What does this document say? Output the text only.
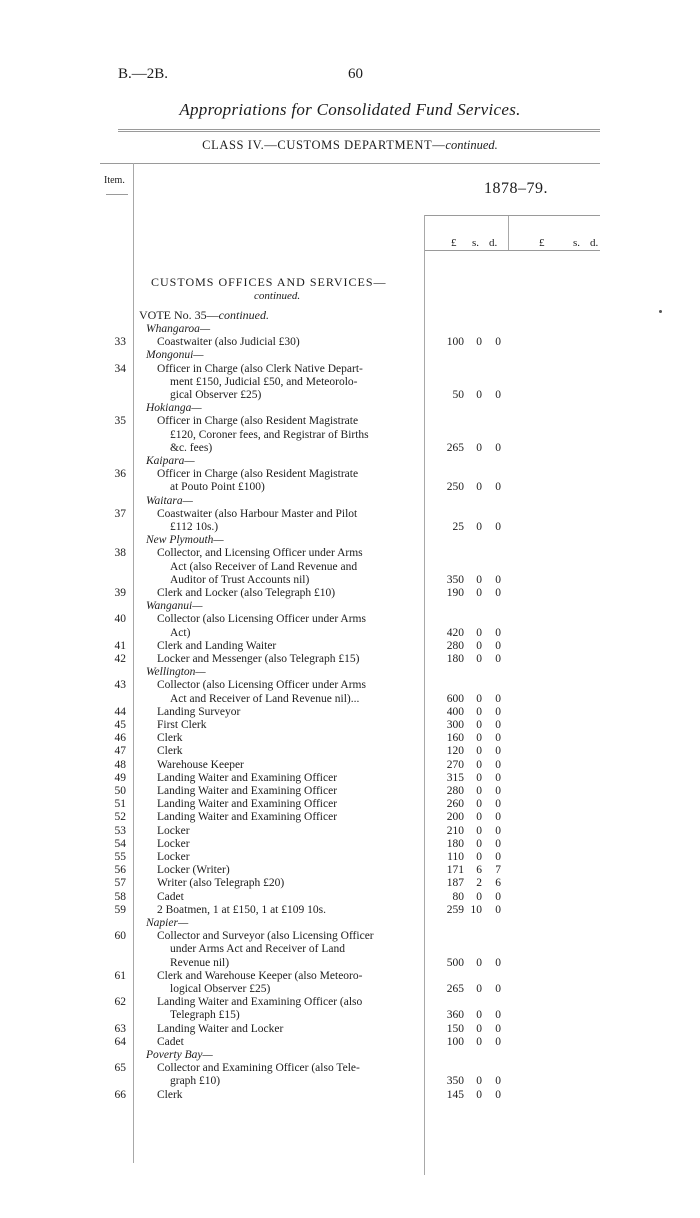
B.—2B.	60
Appropriations for Consolidated Fund Services.
CLASS IV.—CUSTOMS DEPARTMENT—continued.
Item.	1878–79.
£ s. d.	£	s. d.
CUSTOMS OFFICES AND SERVICES—
continued.
VOTE No. 35—continued.
Whangaroa—
33	Coastwaiter (also Judicial £30)	100	0	0
Mongonui—
34	Officer in Charge (also Clerk Native Depart-
ment £150, Judicial £50, and Meteorolo-
gical Observer £25)	50	0	0
Hokianga—
35	Officer in Charge (also Resident Magistrate
£120, Coroner fees, and Registrar of Births
&c. fees)	265	0	0
Kaipara—
36	Officer in Charge (also Resident Magistrate
at Pouto Point £100)	250	0	0
Waitara—
37	Coastwaiter (also Harbour Master and Pilot
£112 10s.)	25	0	0
New Plymouth—
38	Collector, and Licensing Officer under Arms
Act (also Receiver of Land Revenue and
Auditor of Trust Accounts nil)	350	0	0
39	Clerk and Locker (also Telegraph £10)	190	0	0
Wanganui—
40	Collector (also Licensing Officer under Arms
Act)	420	0	0
41	Clerk and Landing Waiter	280	0	0
42	Locker and Messenger (also Telegraph £15)	180	0	0
Wellington—
43	Collector (also Licensing Officer under Arms
Act and Receiver of Land Revenue nil)...	600	0	0
44	Landing Surveyor	400	0	0
45	First Clerk	300	0	0
46	Clerk	160	0	0
47	Clerk	120	0	0
48	Warehouse Keeper	270	0	0
49	Landing Waiter and Examining Officer	315	0	0
50	Landing Waiter and Examining Officer	280	0	0
51	Landing Waiter and Examining Officer	260	0	0
52	Landing Waiter and Examining Officer	200	0	0
53	Locker	210	0	0
54	Locker	180	0	0
55	Locker	110	0	0
56	Locker (Writer)	171	6	7
57	Writer (also Telegraph £20)	187	2	6
58	Cadet	80	0	0
59	2 Boatmen, 1 at £150, 1 at £109 10s.	259 10	0
Napier—
60	Collector and Surveyor (also Licensing Officer
under Arms Act and Receiver of Land
Revenue nil)	500	0	0
61	Clerk and Warehouse Keeper (also Meteoro-
logical Observer £25)	265	0	0
62	Landing Waiter and Examining Officer (also
Telegraph £15)	360	0	0
63	Landing Waiter and Locker	150	0	0
64	Cadet	100	0	0
Poverty Bay—
65	Collector and Examining Officer (also Tele-
graph £10)	350	0	0
66	Clerk	145	0	0
